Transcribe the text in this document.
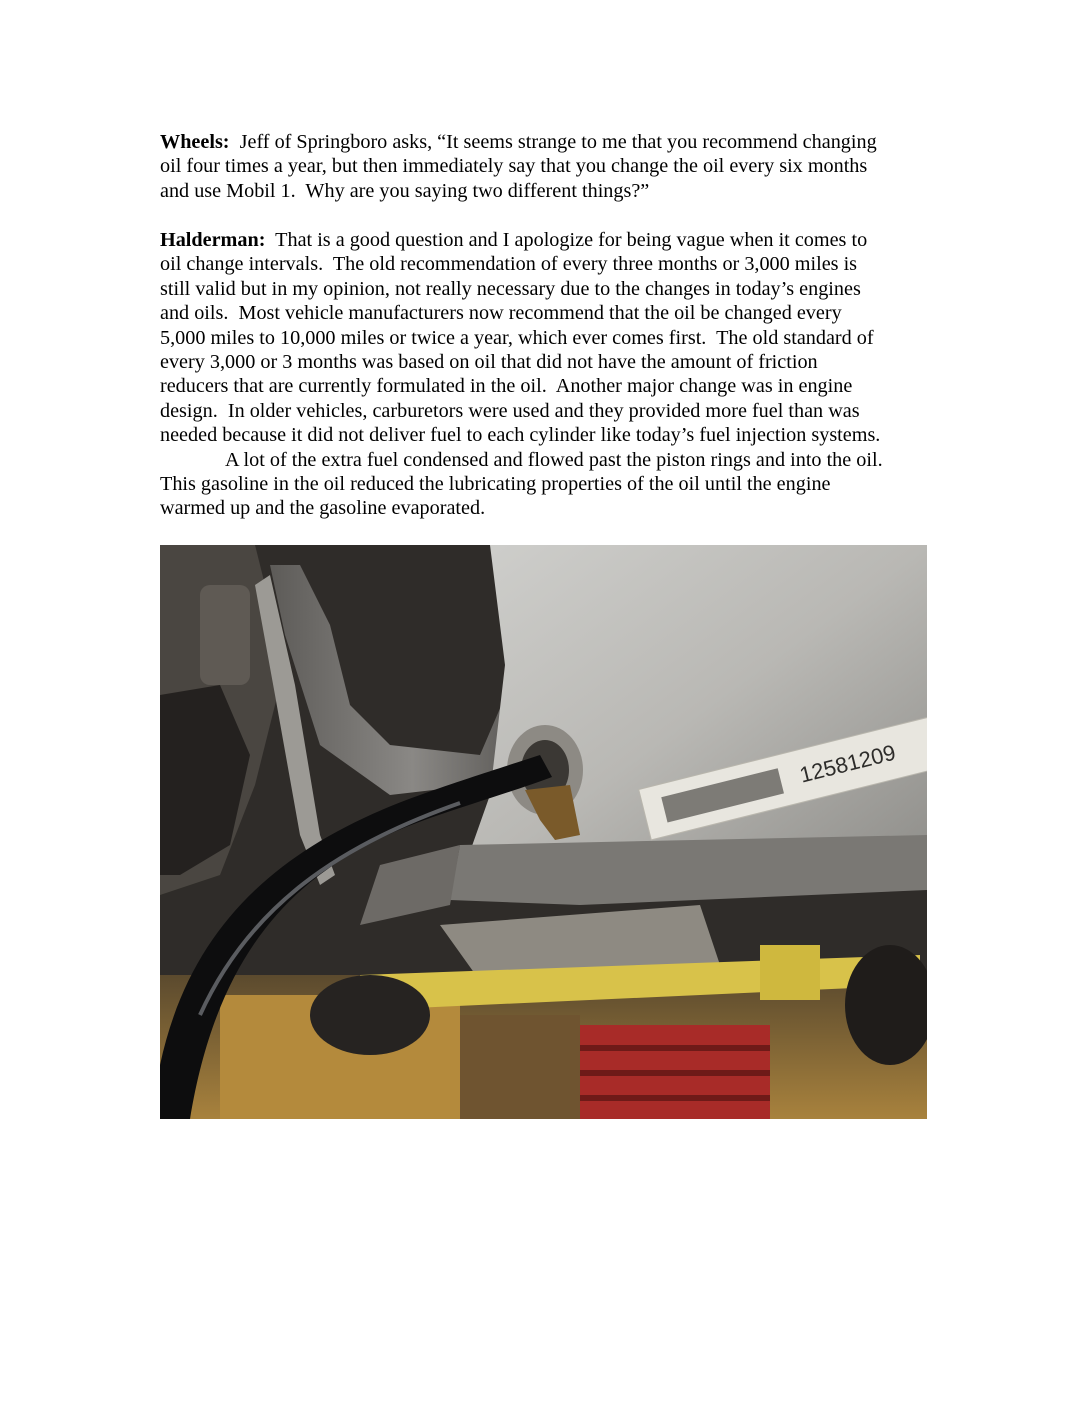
Wheels:  Jeff of Springboro asks, “It seems strange to me that you recommend changing

oil four times a year, but then immediately say that you change the oil every six months

and use Mobil 1.  Why are you saying two different things?”

Halderman:  That is a good question and I apologize for being vague when it comes to

oil change intervals.  The old recommendation of every three months or 3,000 miles is

still valid but in my opinion, not really necessary due to the changes in today’s engines

and oils.  Most vehicle manufacturers now recommend that the oil be changed every

5,000 miles to 10,000 miles or twice a year, which ever comes first.  The old standard of

every 3,000 or 3 months was based on oil that did not have the amount of friction

reducers that are currently formulated in the oil.  Another major change was in engine

design.  In older vehicles, carburetors were used and they provided more fuel than was

needed because it did not deliver fuel to each cylinder like today’s fuel injection systems.

A lot of the extra fuel condensed and flowed past the piston rings and into the oil.

This gasoline in the oil reduced the lubricating properties of the oil until the engine

warmed up and the gasoline evaporated.

12581209
